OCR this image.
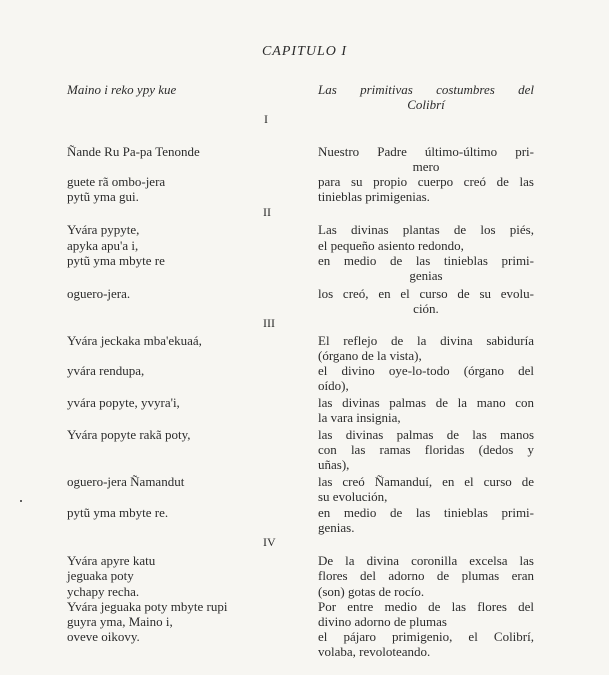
CAPITULO I
Maino i reko ypy kue	Las primitivas costumbres del
Colibrí
I
Ñande Ru Pa-pa Tenonde	Nuestro Padre último-último pri-
mero
guete rã ombo-jera	para su propio cuerpo creó de las
pytũ yma gui.	tinieblas primigenias.
II
Yvára pypyte,	Las divinas plantas de los piés,
apyka apu'a i,	el pequeño asiento redondo,
pytũ yma mbyte re	en medio de las tinieblas primi-
genias
oguero-jera.	los creó, en el curso de su evolu-
ción.
III
Yvára jeckaka mba'ekuaá,	El reflejo de la divina sabiduría
(órgano de la vista),
yvára rendupa,	el divino oye-lo-todo (órgano del
oído),
yvára popyte, yvyra'i,	las divinas palmas de la mano con
la vara insignia,
Yvára popyte rakã poty,	las divinas palmas de las manos
con las ramas floridas (dedos y
uñas),
oguero-jera Ñamandut	las creó Ñamanduí, en el curso de
su evolución,
pytũ yma mbyte re.	en medio de las tinieblas primi-
genias.
IV
Yvára apyre katu	De la divina coronilla excelsa las
jeguaka poty	flores del adorno de plumas eran
ychapy recha.	(son) gotas de rocío.
Yvára jeguaka poty mbyte rupi	Por entre medio de las flores del
guyra yma, Maino i,	divino adorno de plumas
oveve oikovy.	el pájaro primigenio, el Colibrí,
volaba, revoloteando.
